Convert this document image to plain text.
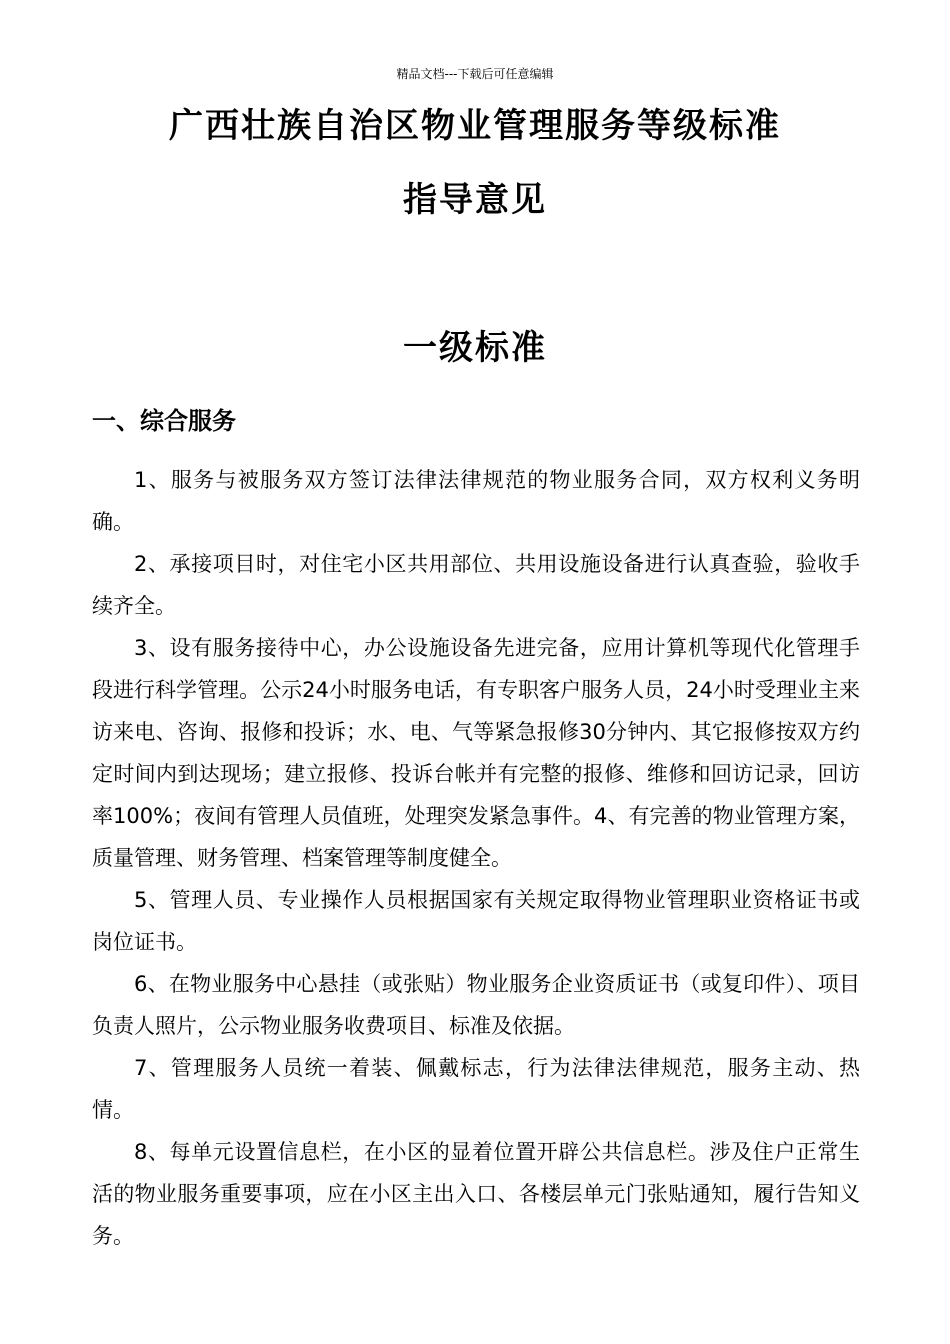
精品文档---下载后可任意编辑
广西壮族自治区物业管理服务等级标准
指导意见
一级标准
一、综合服务

1、服务与被服务双方签订法律法律规范的物业服务合同，双方权利义务明确。

2、承接项目时，对住宅小区共用部位、共用设施设备进行认真查验，验收手续齐全。

3、设有服务接待中心，办公设施设备先进完备，应用计算机等现代化管理手段进行科学管理。公示24小时服务电话，有专职客户服务人员，24小时受理业主来访来电、咨询、报修和投诉；水、电、气等紧急报修30分钟内、其它报修按双方约定时间内到达现场；建立报修、投诉台帐并有完整的报修、维修和回访记录，回访率100%；夜间有管理人员值班，处理突发紧急事件。4、有完善的物业管理方案，质量管理、财务管理、档案管理等制度健全。

5、管理人员、专业操作人员根据国家有关规定取得物业管理职业资格证书或岗位证书。

6、在物业服务中心悬挂（或张贴）物业服务企业资质证书（或复印件）、项目负责人照片，公示物业服务收费项目、标准及依据。

7、管理服务人员统一着装、佩戴标志，行为法律法律规范，服务主动、热情。

8、每单元设置信息栏，在小区的显着位置开辟公共信息栏。涉及住户正常生活的物业服务重要事项，应在小区主出入口、各楼层单元门张贴通知，履行告知义务。
